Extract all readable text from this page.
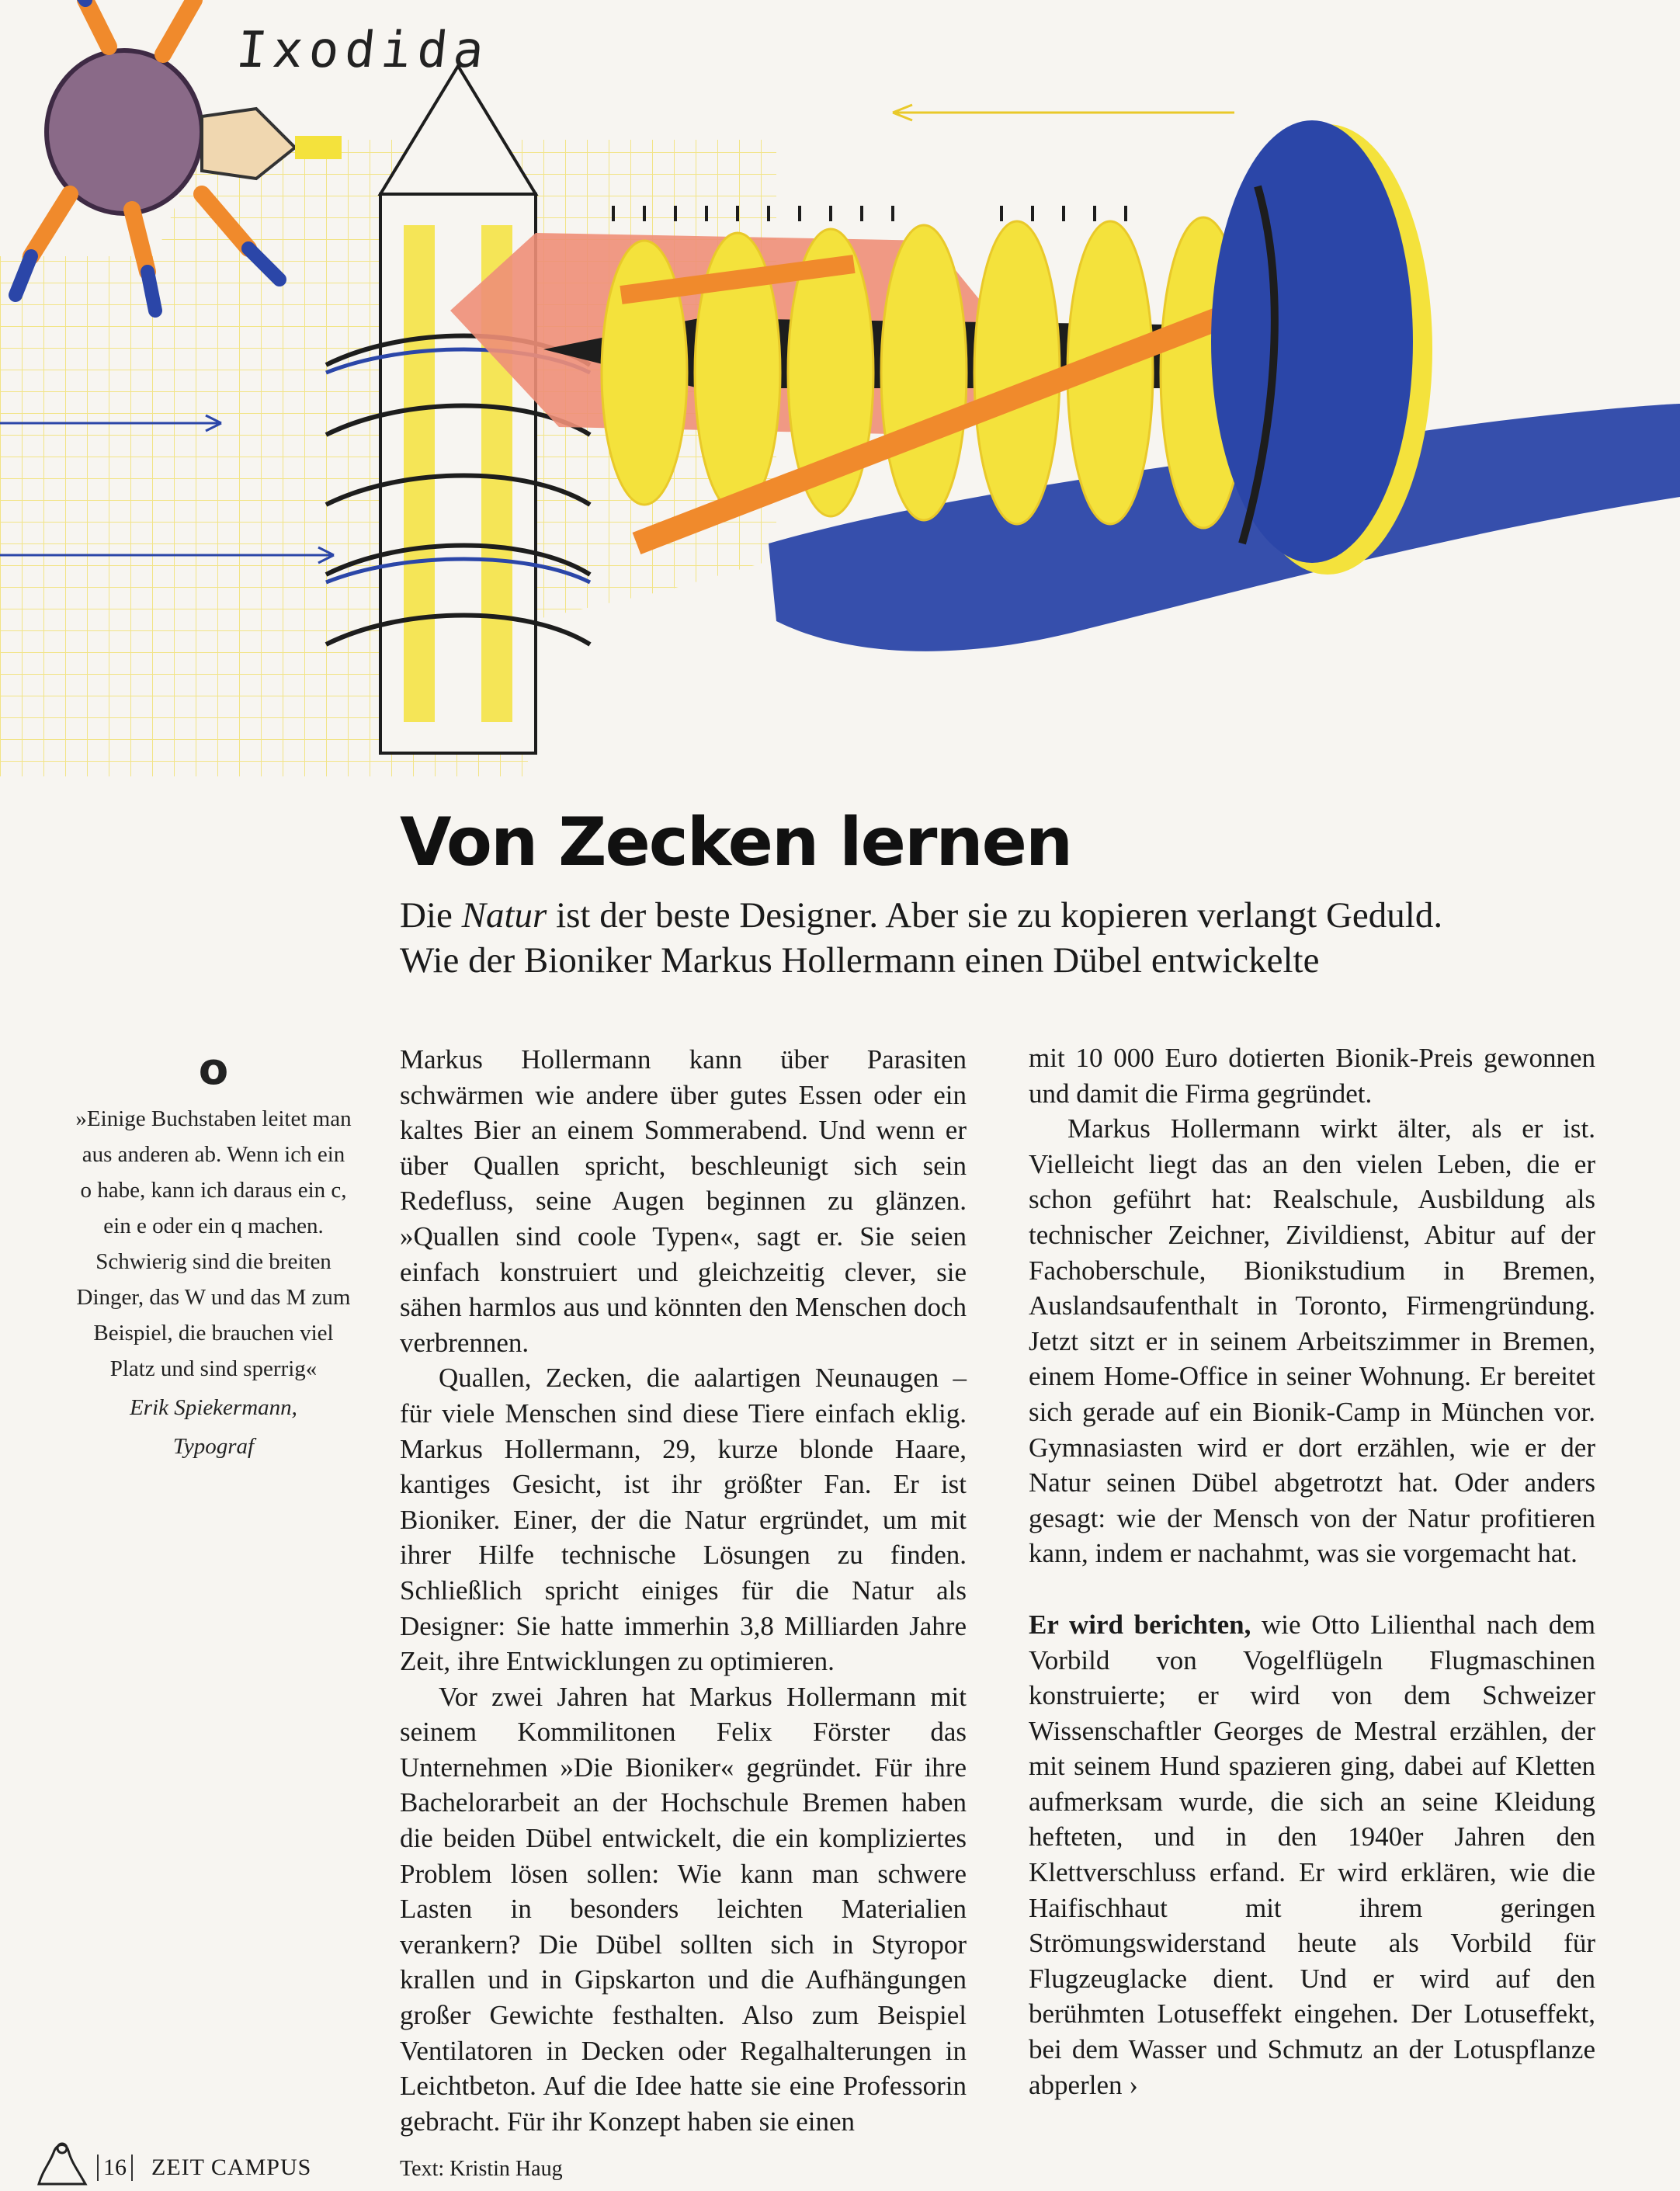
Ixodida
Von Zecken lernen
Die Natur ist der beste Designer. Aber sie zu kopieren verlangt Geduld.
Wie der Bioniker Markus Hollermann einen Dübel entwickelte
o
»Einige Buchstaben leitet man aus anderen ab. Wenn ich ein o habe, kann ich daraus ein c, ein e oder ein q machen. Schwierig sind die breiten Dinger, das W und das M zum Beispiel, die brauchen viel Platz und sind sperrig«
Erik Spiekermann,
Typograf

Markus Hollermann kann über Parasiten schwärmen wie andere über gutes Essen oder ein kaltes Bier an einem Sommerabend. Und wenn er über Quallen spricht, beschleunigt sich sein Redefluss, seine Augen beginnen zu glänzen. »Quallen sind coole Typen«, sagt er. Sie seien einfach konstruiert und gleichzeitig clever, sie sähen harmlos aus und könnten den Menschen doch verbrennen.

Quallen, Zecken, die aalartigen Neunaugen – für viele Menschen sind diese Tiere einfach eklig. Markus Hollermann, 29, kurze blonde Haare, kantiges Gesicht, ist ihr größter Fan. Er ist Bioniker. Einer, der die Natur ergründet, um mit ihrer Hilfe technische Lösungen zu finden. Schließlich spricht einiges für die Natur als Designer: Sie hatte immerhin 3,8 Milliarden Jahre Zeit, ihre Entwicklungen zu optimieren.

Vor zwei Jahren hat Markus Hollermann mit seinem Kommilitonen Felix Förster das Unternehmen »Die Bioniker« gegründet. Für ihre Bachelorarbeit an der Hochschule Bremen haben die beiden Dübel entwickelt, die ein kompliziertes Problem lösen sollen: Wie kann man schwere Lasten in besonders leichten Materialien verankern? Die Dübel sollten sich in Styropor krallen und in Gipskarton und die Aufhängungen großer Gewichte festhalten. Also zum Beispiel Ventilatoren in Decken oder Regalhalterungen in Leichtbeton. Auf die Idee hatte sie eine Professorin gebracht. Für ihr Konzept haben sie einen

mit 10 000 Euro dotierten Bionik-Preis gewonnen und damit die Firma gegründet.

Markus Hollermann wirkt älter, als er ist. Vielleicht liegt das an den vielen Leben, die er schon geführt hat: Realschule, Ausbildung als technischer Zeichner, Zivildienst, Abitur auf der Fachoberschule, Bionikstudium in Bremen, Auslandsaufenthalt in Toronto, Firmengründung. Jetzt sitzt er in seinem Arbeitszimmer in Bremen, einem Home-Office in seiner Wohnung. Er bereitet sich gerade auf ein Bionik-Camp in München vor. Gymnasiasten wird er dort erzählen, wie er der Natur seinen Dübel abgetrotzt hat. Oder anders gesagt: wie der Mensch von der Natur profitieren kann, indem er nachahmt, was sie vorgemacht hat.

Er wird berichten, wie Otto Lilienthal nach dem Vorbild von Vogelflügeln Flugmaschinen konstruierte; er wird von dem Schweizer Wissenschaftler Georges de Mestral erzählen, der mit seinem Hund spazieren ging, dabei auf Kletten aufmerksam wurde, die sich an seine Kleidung hefteten, und in den 1940er Jahren den Klettverschluss erfand. Er wird erklären, wie die Haifischhaut mit ihrem geringen Strömungswiderstand heute als Vorbild für Flugzeuglacke dient. Und er wird auf den berühmten Lotuseffekt eingehen. Der Lotuseffekt, bei dem Wasser und Schmutz an der Lotuspflanze abperlen ›

16 ZEIT CAMPUS	Text: Kristin Haug
